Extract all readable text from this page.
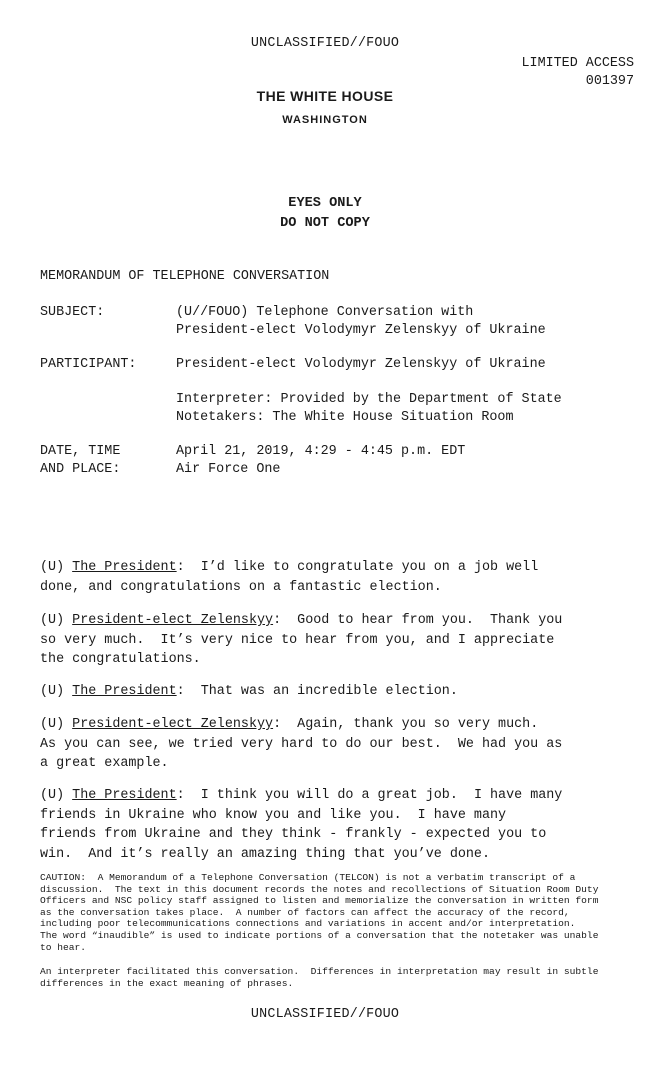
UNCLASSIFIED//FOUO
LIMITED ACCESS
001397
THE WHITE HOUSE
WASHINGTON
EYES ONLY
DO NOT COPY
MEMORANDUM OF TELEPHONE CONVERSATION
SUBJECT:	(U//FOUO) Telephone Conversation with
President-elect Volodymyr Zelenskyy of Ukraine
PARTICIPANT:	President-elect Volodymyr Zelenskyy of Ukraine
Interpreter: Provided by the Department of State
Notetakers: The White House Situation Room
DATE, TIME
AND PLACE:
April 21, 2019, 4:29 - 4:45 p.m. EDT
Air Force One
(U) The President:  I’d like to congratulate you on a job well
done, and congratulations on a fantastic election.
(U) President-elect Zelenskyy:  Good to hear from you.  Thank you
so very much.  It’s very nice to hear from you, and I appreciate
the congratulations.
(U) The President:  That was an incredible election.
(U) President-elect Zelenskyy:  Again, thank you so very much.
As you can see, we tried very hard to do our best.  We had you as
a great example.
(U) The President:  I think you will do a great job.  I have many
friends in Ukraine who know you and like you.  I have many
friends from Ukraine and they think - frankly - expected you to
win.  And it’s really an amazing thing that you’ve done.
CAUTION:  A Memorandum of a Telephone Conversation (TELCON) is not a verbatim transcript of a
discussion.  The text in this document records the notes and recollections of Situation Room Duty
Officers and NSC policy staff assigned to listen and memorialize the conversation in written form
as the conversation takes place.  A number of factors can affect the accuracy of the record,
including poor telecommunications connections and variations in accent and/or interpretation.
The word “inaudible” is used to indicate portions of a conversation that the notetaker was unable
to hear.
An interpreter facilitated this conversation.  Differences in interpretation may result in subtle
differences in the exact meaning of phrases.
UNCLASSIFIED//FOUO
